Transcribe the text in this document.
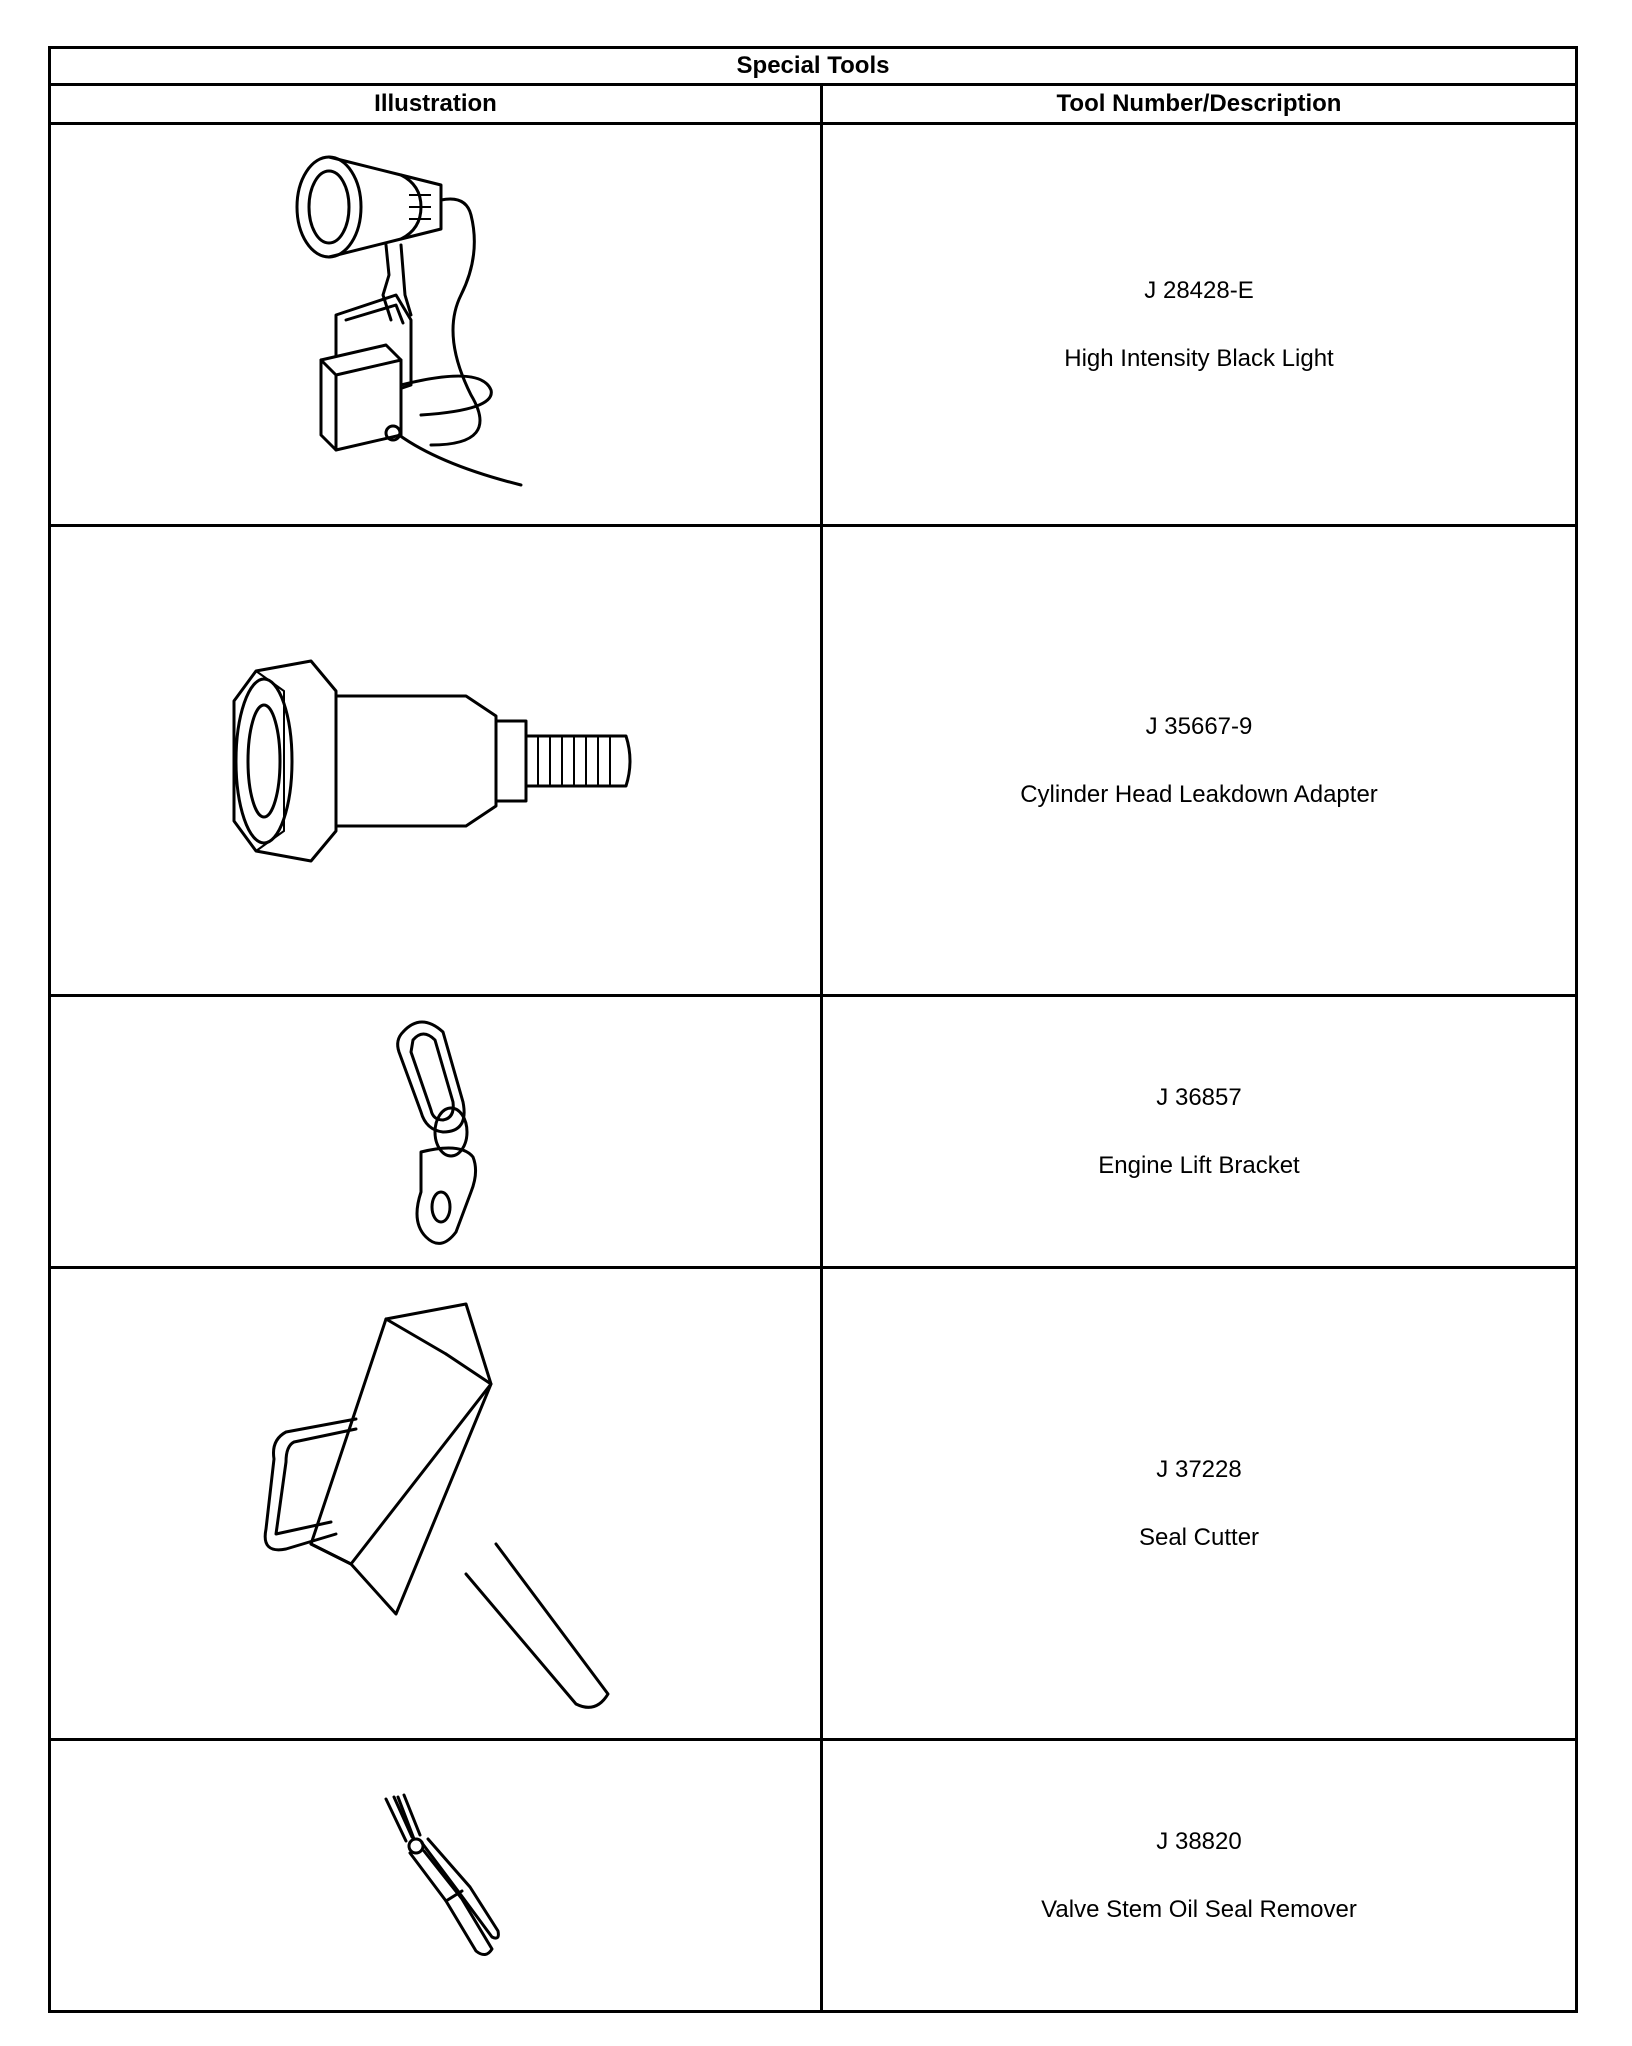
Special Tools	
Illustration	Tool Number/Description

J 28428-E
High Intensity Black Light

J 35667-9
Cylinder Head Leakdown Adapter

J 36857
Engine Lift Bracket

J 37228
Seal Cutter

J 38820
Valve Stem Oil Seal Remover
